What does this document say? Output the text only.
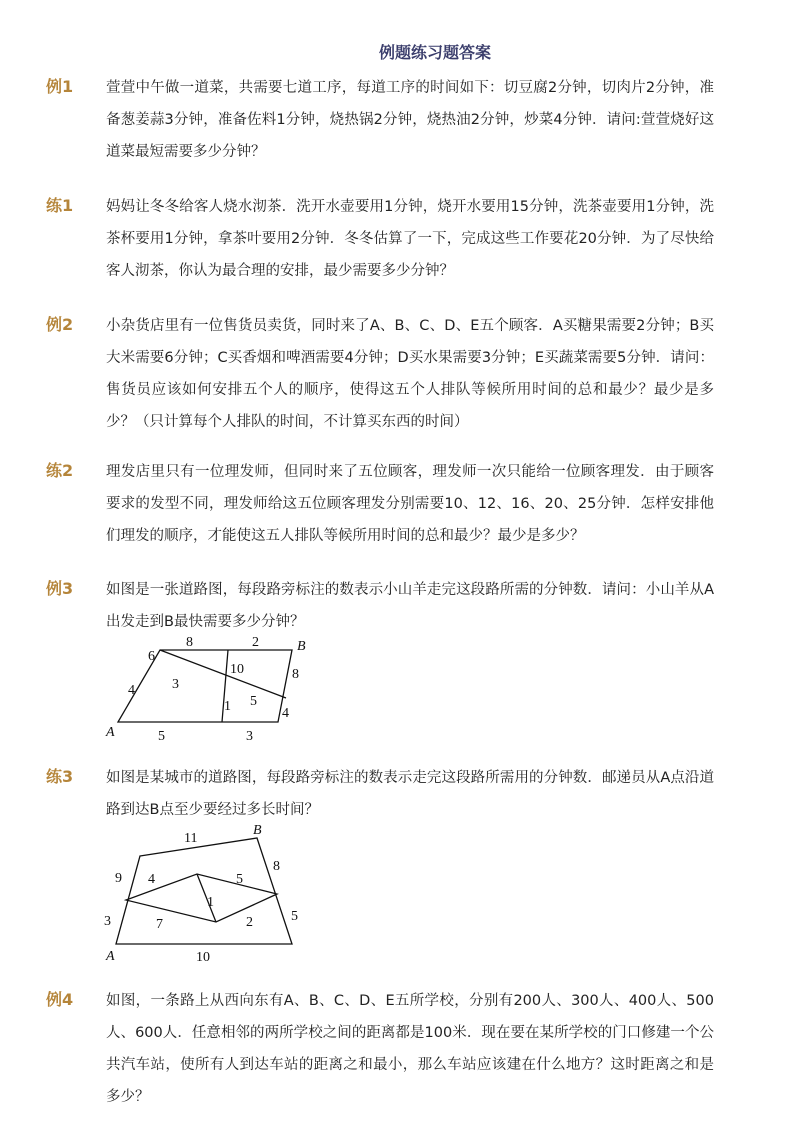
例题练习题答案
例1 萱萱中午做一道菜，共需要七道工序，每道工序的时间如下：切豆腐2分钟，切肉片2分钟，准备葱姜蒜3分钟，准备佐料1分钟，烧热锅2分钟，烧热油2分钟，炒菜4分钟．请问:萱萱烧好这道菜最短需要多少分钟？
练1 妈妈让冬冬给客人烧水沏茶．洗开水壶要用1分钟，烧开水要用15分钟，洗茶壶要用1分钟，洗茶杯要用1分钟，拿茶叶要用2分钟．冬冬估算了一下，完成这些工作要花20分钟．为了尽快给客人沏茶，你认为最合理的安排，最少需要多少分钟？
例2 小杂货店里有一位售货员卖货，同时来了A、B、C、D、E五个顾客．A买糖果需要2分钟；B买大米需要6分钟；C买香烟和啤酒需要4分钟；D买水果需要3分钟；E买蔬菜需要5分钟．请问：售货员应该如何安排五个人的顺序，使得这五个人排队等候所用时间的总和最少？最少是多少？（只计算每个人排队的时间，不计算买东西的时间）
练2 理发店里只有一位理发师，但同时来了五位顾客，理发师一次只能给一位顾客理发．由于顾客要求的发型不同，理发师给这五位顾客理发分别需要10、12、16、20、25分钟．怎样安排他们理发的顺序，才能使这五人排队等候所用时间的总和最少？最少是多少？
例3 如图是一张道路图，每段路旁标注的数表示小山羊走完这段路所需的分钟数．请问：小山羊从A出发走到B最快需要多少分钟？
A
B
8	2
6
10	8
4	3
5
1	4
5	3
练3 如图是某城市的道路图，每段路旁标注的数表示走完这段路所需用的分钟数．邮递员从A点沿道路到达B点至少要经过多长时间？
A
B
11
9
8
4	5
1
3	7	2	5
10
例4 如图，一条路上从西向东有A、B、C、D、E五所学校，分别有200人、300人、400人、500人、600人．任意相邻的两所学校之间的距离都是100米．现在要在某所学校的门口修建一个公共汽车站，使所有人到达车站的距离之和最小，那么车站应该建在什么地方？这时距离之和是多少？
